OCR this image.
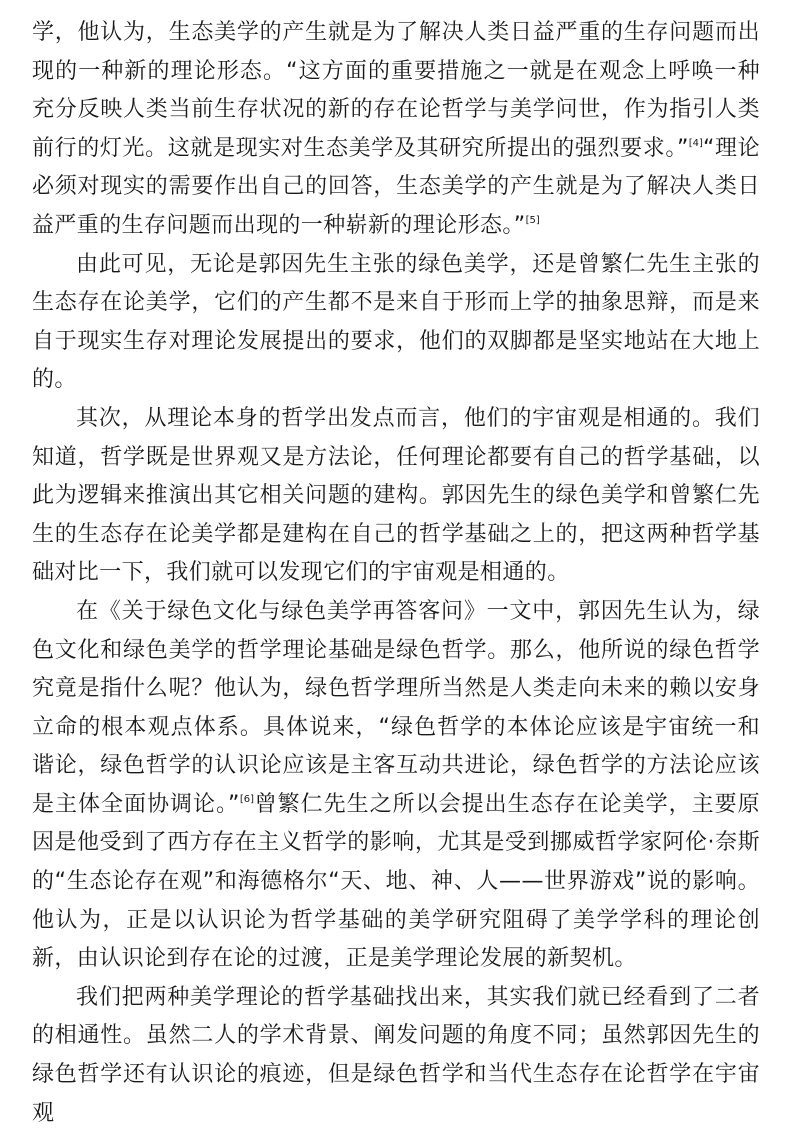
学，他认为，生态美学的产生就是为了解决人类日益严重的生存问题而出现的一种新的理论形态。“这方面的重要措施之一就是在观念上呼唤一种充分反映人类当前生存状况的新的存在论哲学与美学问世，作为指引人类前行的灯光。这就是现实对生态美学及其研究所提出的强烈要求。”[4]“理论必须对现实的需要作出自己的回答，生态美学的产生就是为了解决人类日益严重的生存问题而出现的一种崭新的理论形态。”[5]

由此可见，无论是郭因先生主张的绿色美学，还是曾繁仁先生主张的生态存在论美学，它们的产生都不是来自于形而上学的抽象思辩，而是来自于现实生存对理论发展提出的要求，他们的双脚都是坚实地站在大地上的。

其次，从理论本身的哲学出发点而言，他们的宇宙观是相通的。我们知道，哲学既是世界观又是方法论，任何理论都要有自己的哲学基础，以此为逻辑来推演出其它相关问题的建构。郭因先生的绿色美学和曾繁仁先生的生态存在论美学都是建构在自己的哲学基础之上的，把这两种哲学基础对比一下，我们就可以发现它们的宇宙观是相通的。

在《关于绿色文化与绿色美学再答客问》一文中，郭因先生认为，绿色文化和绿色美学的哲学理论基础是绿色哲学。那么，他所说的绿色哲学究竟是指什么呢？他认为，绿色哲学理所当然是人类走向未来的赖以安身立命的根本观点体系。具体说来，“绿色哲学的本体论应该是宇宙统一和谐论，绿色哲学的认识论应该是主客互动共进论，绿色哲学的方法论应该是主体全面协调论。”[6]曾繁仁先生之所以会提出生态存在论美学，主要原因是他受到了西方存在主义哲学的影响，尤其是受到挪威哲学家阿伦·奈斯的“生态论存在观”和海德格尔“天、地、神、人——世界游戏”说的影响。他认为，正是以认识论为哲学基础的美学研究阻碍了美学学科的理论创新，由认识论到存在论的过渡，正是美学理论发展的新契机。

我们把两种美学理论的哲学基础找出来，其实我们就已经看到了二者的相通性。虽然二人的学术背景、阐发问题的角度不同；虽然郭因先生的绿色哲学还有认识论的痕迹，但是绿色哲学和当代生态存在论哲学在宇宙观
